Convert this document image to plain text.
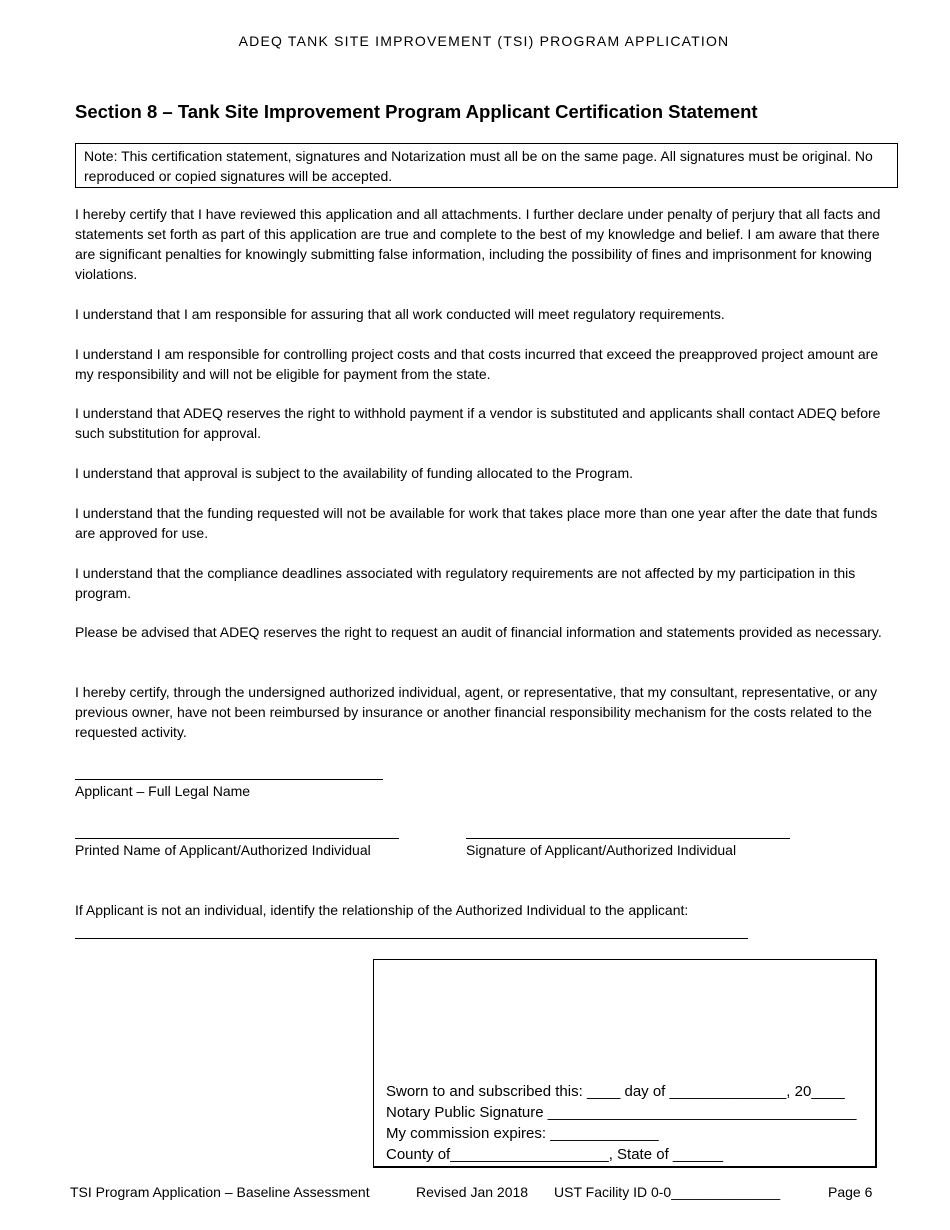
ADEQ TANK SITE IMPROVEMENT (TSI) PROGRAM APPLICATION
Section 8 – Tank Site Improvement Program Applicant Certification Statement
Note: This certification statement, signatures and Notarization must all be on the same page. All signatures must be original. No reproduced or copied signatures will be accepted.
I hereby certify that I have reviewed this application and all attachments. I further declare under penalty of perjury that all facts and statements set forth as part of this application are true and complete to the best of my knowledge and belief. I am aware that there are significant penalties for knowingly submitting false information, including the possibility of fines and imprisonment for knowing violations.
I understand that I am responsible for assuring that all work conducted will meet regulatory requirements.
I understand I am responsible for controlling project costs and that costs incurred that exceed the preapproved project amount are my responsibility and will not be eligible for payment from the state.
I understand that ADEQ reserves the right to withhold payment if a vendor is substituted and applicants shall contact ADEQ before such substitution for approval.
I understand that approval is subject to the availability of funding allocated to the Program.
I understand that the funding requested will not be available for work that takes place more than one year after the date that funds are approved for use.
I understand that the compliance deadlines associated with regulatory requirements are not affected by my participation in this program.
Please be advised that ADEQ reserves the right to request an audit of financial information and statements provided as necessary.
I hereby certify, through the undersigned authorized individual, agent, or representative, that my consultant, representative, or any previous owner, have not been reimbursed by insurance or another financial responsibility mechanism for the costs related to the requested activity.
Applicant – Full Legal Name
Printed Name of Applicant/Authorized Individual	Signature of Applicant/Authorized Individual
If Applicant is not an individual, identify the relationship of the Authorized Individual to the applicant:
Sworn to and subscribed this: ____ day of ______________, 20____
Notary Public Signature _____________________________________
My commission expires: _____________
County of___________________, State of ______
TSI Program Application – Baseline Assessment	Revised Jan 2018 UST Facility ID 0-0______________	Page 6
